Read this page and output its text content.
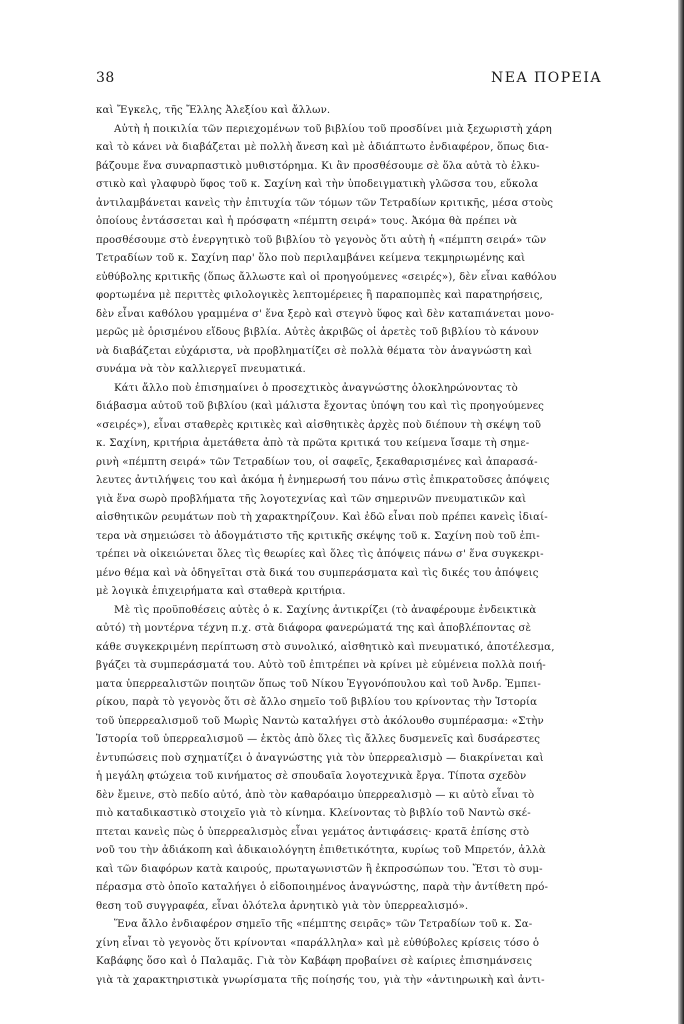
38	ΝΕΑ ΠΟΡΕΙΑ
καὶ Ἔγκελς, τῆς Ἔλλης Ἀλεξίου καὶ ἄλλων.
Αὐτὴ ἡ ποικιλία τῶν περιεχομένων τοῦ βιβλίου τοῦ προσδίνει μιὰ ξεχωριστὴ χάρη
καὶ τὸ κάνει νὰ διαβάζεται μὲ πολλὴ ἄνεση καὶ μὲ ἀδιάπτωτο ἐνδιαφέρον, ὅπως δια-
βάζουμε ἕνα συναρπαστικὸ μυθιστόρημα. Κι ἂν προσθέσουμε σὲ ὅλα αὐτὰ τὸ ἑλκυ-
στικὸ καὶ γλαφυρὸ ὕφος τοῦ κ. Σαχίνη καὶ τὴν ὑποδειγματικὴ γλῶσσα του, εὔκολα
ἀντιλαμβάνεται κανεὶς τὴν ἐπιτυχία τῶν τόμων τῶν Τετραδίων κριτικῆς, μέσα στοὺς
ὁποίους ἐντάσσεται καὶ ἡ πρόσφατη «πέμπτη σειρά» τους. Ἀκόμα θὰ πρέπει νὰ
προσθέσουμε στὸ ἐνεργητικὸ τοῦ βιβλίου τὸ γεγονὸς ὅτι αὐτὴ ἡ «πέμπτη σειρά» τῶν
Τετραδίων τοῦ κ. Σαχίνη παρ' ὅλο ποὺ περιλαμβάνει κείμενα τεκμηριωμένης καὶ
εὐθύβολης κριτικῆς (ὅπως ἄλλωστε καὶ οἱ προηγούμενες «σειρές»), δὲν εἶναι καθόλου
φορτωμένα μὲ περιττὲς φιλολογικὲς λεπτομέρειες ἢ παραπομπὲς καὶ παρατηρήσεις,
δὲν εἶναι καθόλου γραμμένα σ' ἕνα ξερὸ καὶ στεγνὸ ὕφος καὶ δὲν καταπιάνεται μονο-
μερῶς μὲ ὁρισμένου εἴδους βιβλία. Αὐτὲς ἀκριβῶς οἱ ἀρετὲς τοῦ βιβλίου τὸ κάνουν
νὰ διαβάζεται εὐχάριστα, νὰ προβληματίζει σὲ πολλὰ θέματα τὸν ἀναγνώστη καὶ
συνάμα νὰ τὸν καλλιεργεῖ πνευματικά.
Κάτι ἄλλο ποὺ ἐπισημαίνει ὁ προσεχτικὸς ἀναγνώστης ὁλοκληρώνοντας τὸ
διάβασμα αὐτοῦ τοῦ βιβλίου (καὶ μάλιστα ἔχοντας ὑπόψη του καὶ τὶς προηγούμενες
«σειρές»), εἶναι σταθερὲς κριτικὲς καὶ αἰσθητικὲς ἀρχὲς ποὺ διέπουν τὴ σκέψη τοῦ
κ. Σαχίνη, κριτήρια ἀμετάθετα ἀπὸ τὰ πρῶτα κριτικά του κείμενα ἴσαμε τὴ σημε-
ρινὴ «πέμπτη σειρά» τῶν Τετραδίων του, οἱ σαφεῖς, ξεκαθαρισμένες καὶ ἀπαρασά-
λευτες ἀντιλήψεις του καὶ ἀκόμα ἡ ἐνημερωσή του πάνω στὶς ἐπικρατοῦσες ἀπόψεις
γιὰ ἕνα σωρὸ προβλήματα τῆς λογοτεχνίας καὶ τῶν σημερινῶν πνευματικῶν καὶ
αἰσθητικῶν ρευμάτων ποὺ τὴ χαρακτηρίζουν. Καὶ ἐδῶ εἶναι ποὺ πρέπει κανεὶς ἰδιαί-
τερα νὰ σημειώσει τὸ ἀδογμάτιστο τῆς κριτικῆς σκέψης τοῦ κ. Σαχίνη ποὺ τοῦ ἐπι-
τρέπει νὰ οἰκειώνεται ὅλες τὶς θεωρίες καὶ ὅλες τὶς ἀπόψεις πάνω σ' ἕνα συγκεκρι-
μένο θέμα καὶ νὰ ὁδηγεῖται στὰ δικά του συμπεράσματα καὶ τὶς δικές του ἀπόψεις
μὲ λογικὰ ἐπιχειρήματα καὶ σταθερὰ κριτήρια.
Μὲ τὶς προϋποθέσεις αὐτὲς ὁ κ. Σαχίνης ἀντικρίζει (τὸ ἀναφέρουμε ἐνδεικτικὰ
αὐτό) τὴ μοντέρνα τέχνη π.χ. στὰ διάφορα φανερώματά της καὶ ἀποβλέποντας σὲ
κάθε συγκεκριμένη περίπτωση στὸ συνολικό, αἰσθητικὸ καὶ πνευματικό, ἀποτέλεσμα,
βγάζει τὰ συμπεράσματά του. Αὐτὸ τοῦ ἐπιτρέπει νὰ κρίνει μὲ εὐμένεια πολλὰ ποιή-
ματα ὑπερρεαλιστῶν ποιητῶν ὅπως τοῦ Νίκου Ἐγγονόπουλου καὶ τοῦ Ἀνδρ. Ἐμπει-
ρίκου, παρὰ τὸ γεγονὸς ὅτι σὲ ἄλλο σημεῖο τοῦ βιβλίου του κρίνοντας τὴν Ἱστορία
τοῦ ὑπερρεαλισμοῦ τοῦ Μωρὶς Ναντὼ καταλήγει στὸ ἀκόλουθο συμπέρασμα: «Στὴν
Ἱστορία τοῦ ὑπερρεαλισμοῦ — ἐκτὸς ἀπὸ ὅλες τὶς ἄλλες δυσμενεῖς καὶ δυσάρεστες
ἐντυπώσεις ποὺ σχηματίζει ὁ ἀναγνώστης γιὰ τὸν ὑπερρεαλισμὸ — διακρίνεται καὶ
ἡ μεγάλη φτώχεια τοῦ κινήματος σὲ σπουδαῖα λογοτεχνικὰ ἔργα. Τίποτα σχεδὸν
δὲν ἔμεινε, στὸ πεδίο αὐτό, ἀπὸ τὸν καθαρόαιμο ὑπερρεαλισμὸ — κι αὐτὸ εἶναι τὸ
πιὸ καταδικαστικὸ στοιχεῖο γιὰ τὸ κίνημα. Κλείνοντας τὸ βιβλίο τοῦ Ναντὼ σκέ-
πτεται κανεὶς πὼς ὁ ὑπερρεαλισμὸς εἶναι γεμάτος ἀντιφάσεις· κρατᾶ ἐπίσης στὸ
νοῦ του τὴν ἀδιάκοπη καὶ ἀδικαιολόγητη ἐπιθετικότητα, κυρίως τοῦ Μπρετόν, ἀλλὰ
καὶ τῶν διαφόρων κατὰ καιρούς, πρωταγωνιστῶν ἢ ἐκπροσώπων του. Ἔτσι τὸ συμ-
πέρασμα στὸ ὁποῖο καταλήγει ὁ εἰδοποιημένος ἀναγνώστης, παρὰ τὴν ἀντίθετη πρό-
θεση τοῦ συγγραφέα, εἶναι ὁλότελα ἀρνητικὸ γιὰ τὸν ὑπερρεαλισμό».
Ἕνα ἄλλο ἐνδιαφέρον σημεῖο τῆς «πέμπτης σειρᾶς» τῶν Τετραδίων τοῦ κ. Σα-
χίνη εἶναι τὸ γεγονὸς ὅτι κρίνονται «παράλληλα» καὶ μὲ εὐθύβολες κρίσεις τόσο ὁ
Καβάφης ὅσο καὶ ὁ Παλαμᾶς. Γιὰ τὸν Καβάφη προβαίνει σὲ καίριες ἐπισημάνσεις
γιὰ τὰ χαρακτηριστικὰ γνωρίσματα τῆς ποίησής του, γιὰ τὴν «ἀντιηρωικὴ καὶ ἀντι-
